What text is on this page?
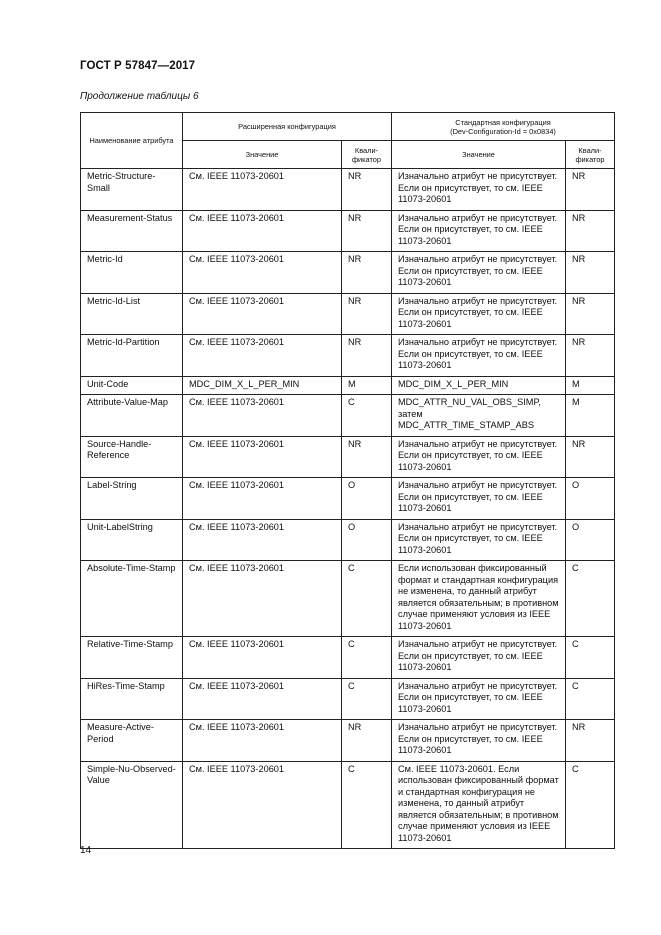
ГОСТ Р 57847—2017
Продолжение таблицы 6
Наименование атрибута	Расширенная конфигурация		Стандартная конфигурация
(Dev-Configuration-Id = 0x0834)	

	Значение	Квали-фикатор	Значение	Квали-фикатор
Metric-Structure-Small	См. IEEE 11073-20601	NR	Изначально атрибут не присутствует. Если он присутствует, то см. IEEE 11073-20601	NR
Measurement-Status	См. IEEE 11073-20601	NR	Изначально атрибут не присутствует. Если он присутствует, то см. IEEE 11073-20601	NR
Metric-Id	См. IEEE 11073-20601	NR	Изначально атрибут не присутствует. Если он присутствует, то см. IEEE 11073-20601	NR
Metric-Id-List	См. IEEE 11073-20601	NR	Изначально атрибут не присутствует. Если он присутствует, то см. IEEE 11073-20601	NR
Metric-Id-Partition	См. IEEE 11073-20601	NR	Изначально атрибут не присутствует. Если он присутствует, то см. IEEE 11073-20601	NR
Unit-Code	MDC_DIM_X_L_PER_MIN	M	MDC_DIM_X_L_PER_MIN	M
Attribute-Value-Map	См. IEEE 11073-20601	C	MDC_ATTR_NU_VAL_OBS_SIMP, затем MDC_ATTR_TIME_STAMP_ABS	M
Source-Handle-Reference	См. IEEE 11073-20601	NR	Изначально атрибут не присутствует. Если он присутствует, то см. IEEE 11073-20601	NR
Label-String	См. IEEE 11073-20601	O	Изначально атрибут не присутствует. Если он присутствует, то см. IEEE 11073-20601	O
Unit-LabelString	См. IEEE 11073-20601	O	Изначально атрибут не присутствует. Если он присутствует, то см. IEEE 11073-20601	O
Absolute-Time-Stamp	См. IEEE 11073-20601	C	Если использован фиксированный формат и стандартная конфигурация не изменена, то данный атрибут является обязательным; в противном случае применяют условия из IEEE 11073-20601	C
Relative-Time-Stamp	См. IEEE 11073-20601	C	Изначально атрибут не присутствует. Если он присутствует, то см. IEEE 11073-20601	C
HiRes-Time-Stamp	См. IEEE 11073-20601	C	Изначально атрибут не присутствует. Если он присутствует, то см. IEEE 11073-20601	C
Measure-Active-Period	См. IEEE 11073-20601	NR	Изначально атрибут не присутствует. Если он присутствует, то см. IEEE 11073-20601	NR
Simple-Nu-Observed-Value	См. IEEE 11073-20601	C	См. IEEE 11073-20601. Если использован фиксированный формат и стандартная конфигурация не изменена, то данный атрибут является обязательным; в противном случае применяют условия из IEEE 11073-20601	C
14
